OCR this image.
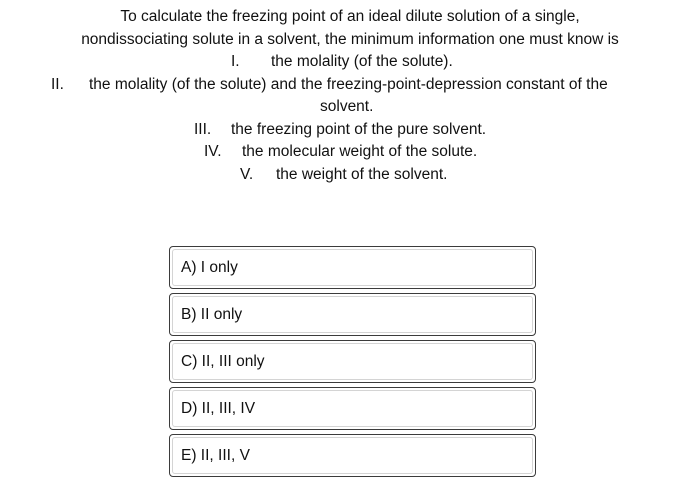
To calculate the freezing point of an ideal dilute solution of a single,
nondissociating solute in a solvent, the minimum information one must know is
I. the molality (of the solute).
II. the molality (of the solute) and the freezing-point-depression constant of the
solvent.
III. the freezing point of the pure solvent.
IV. the molecular weight of the solute.
V. the weight of the solvent.
A) I only
B) II only
C) II, III only
D) II, III, IV
E) II, III, V
